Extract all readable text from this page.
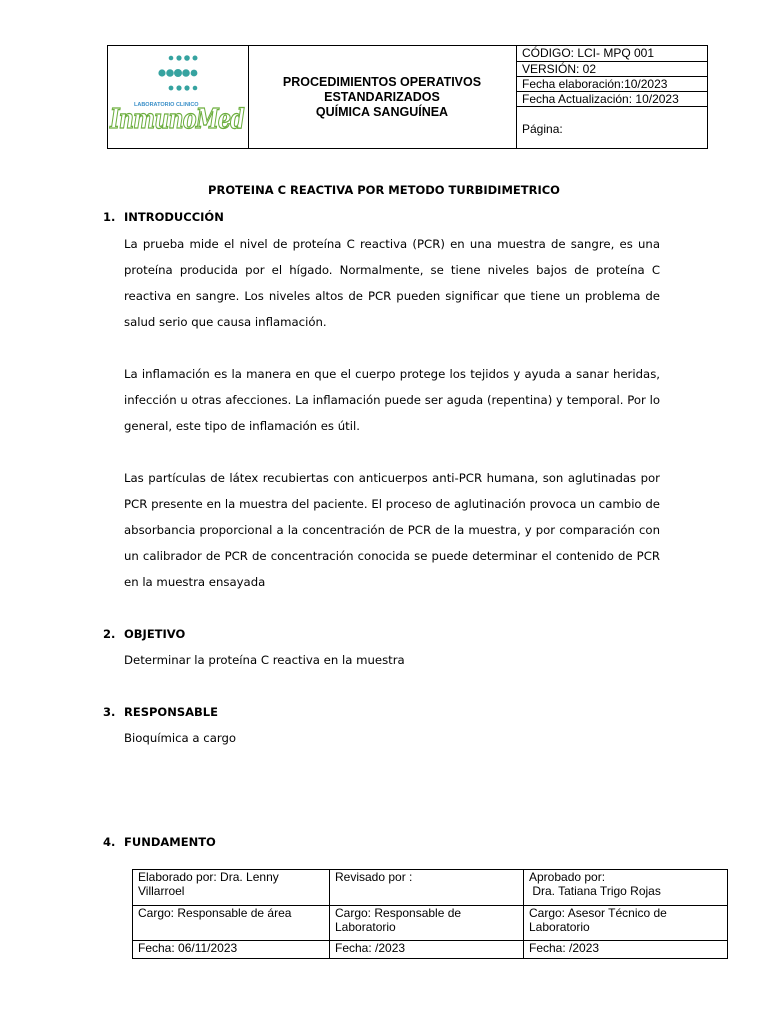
LABORATORIO CLINICO
InmunoMed
PROCEDIMIENTOS OPERATIVOS
ESTANDARIZADOS
QUÍMICA SANGUÍNEA
CÓDIGO: LCI- MPQ 001
VERSIÓN: 02
Fecha elaboración:10/2023
Fecha Actualización: 10/2023
Página:
PROTEINA C REACTIVA POR METODO TURBIDIMETRICO
1. INTRODUCCIÓN
La prueba mide el nivel de proteína C reactiva (PCR) en una muestra de sangre, es una proteína producida por el hígado. Normalmente, se tiene niveles bajos de proteína C reactiva en sangre. Los niveles altos de PCR pueden significar que tiene un problema de salud serio que causa inflamación.
La inflamación es la manera en que el cuerpo protege los tejidos y ayuda a sanar heridas, infección u otras afecciones. La inflamación puede ser aguda (repentina) y temporal. Por lo general, este tipo de inflamación es útil.
Las partículas de látex recubiertas con anticuerpos anti-PCR humana, son aglutinadas por PCR presente en la muestra del paciente. El proceso de aglutinación provoca un cambio de absorbancia proporcional a la concentración de PCR de la muestra, y por comparación con un calibrador de PCR de concentración conocida se puede determinar el contenido de PCR en la muestra ensayada
2. OBJETIVO
Determinar la proteína C reactiva en la muestra
3. RESPONSABLE
Bioquímica a cargo
4. FUNDAMENTO
Elaborado por: Dra. Lenny Villarroel	Revisado por :	Aprobado por:
Dra. Tatiana Trigo Rojas

Cargo: Responsable de área	Cargo: Responsable de Laboratorio	Cargo: Asesor Técnico de Laboratorio
Fecha: 06/11/2023	Fecha: /2023	Fecha: /2023
